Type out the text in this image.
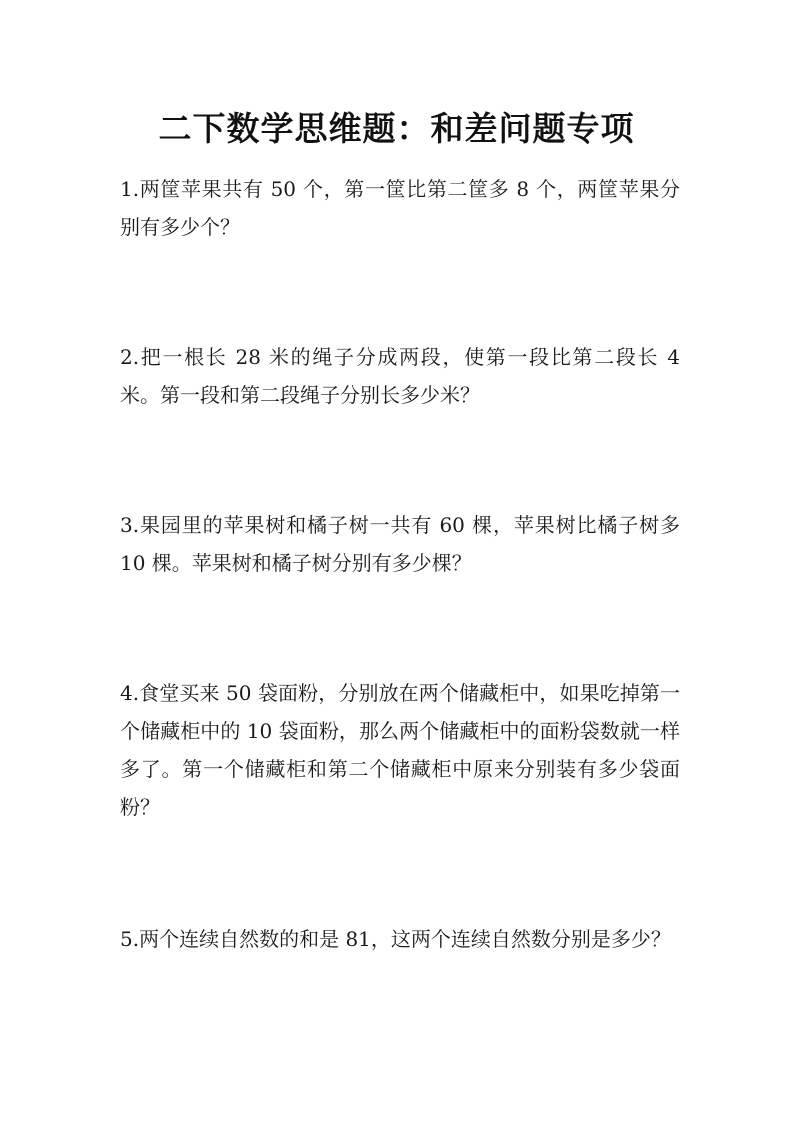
二下数学思维题：和差问题专项

1.两筐苹果共有 50 个，第一筐比第二筐多 8 个，两筐苹果分别有多少个？

2.把一根长 28 米的绳子分成两段，使第一段比第二段长 4 米。第一段和第二段绳子分别长多少米？

3.果园里的苹果树和橘子树一共有 60 棵，苹果树比橘子树多 10 棵。苹果树和橘子树分别有多少棵？

4.食堂买来 50 袋面粉，分别放在两个储藏柜中，如果吃掉第一个储藏柜中的 10 袋面粉，那么两个储藏柜中的面粉袋数就一样多了。第一个储藏柜和第二个储藏柜中原来分别装有多少袋面粉？

5.两个连续自然数的和是 81，这两个连续自然数分别是多少？
